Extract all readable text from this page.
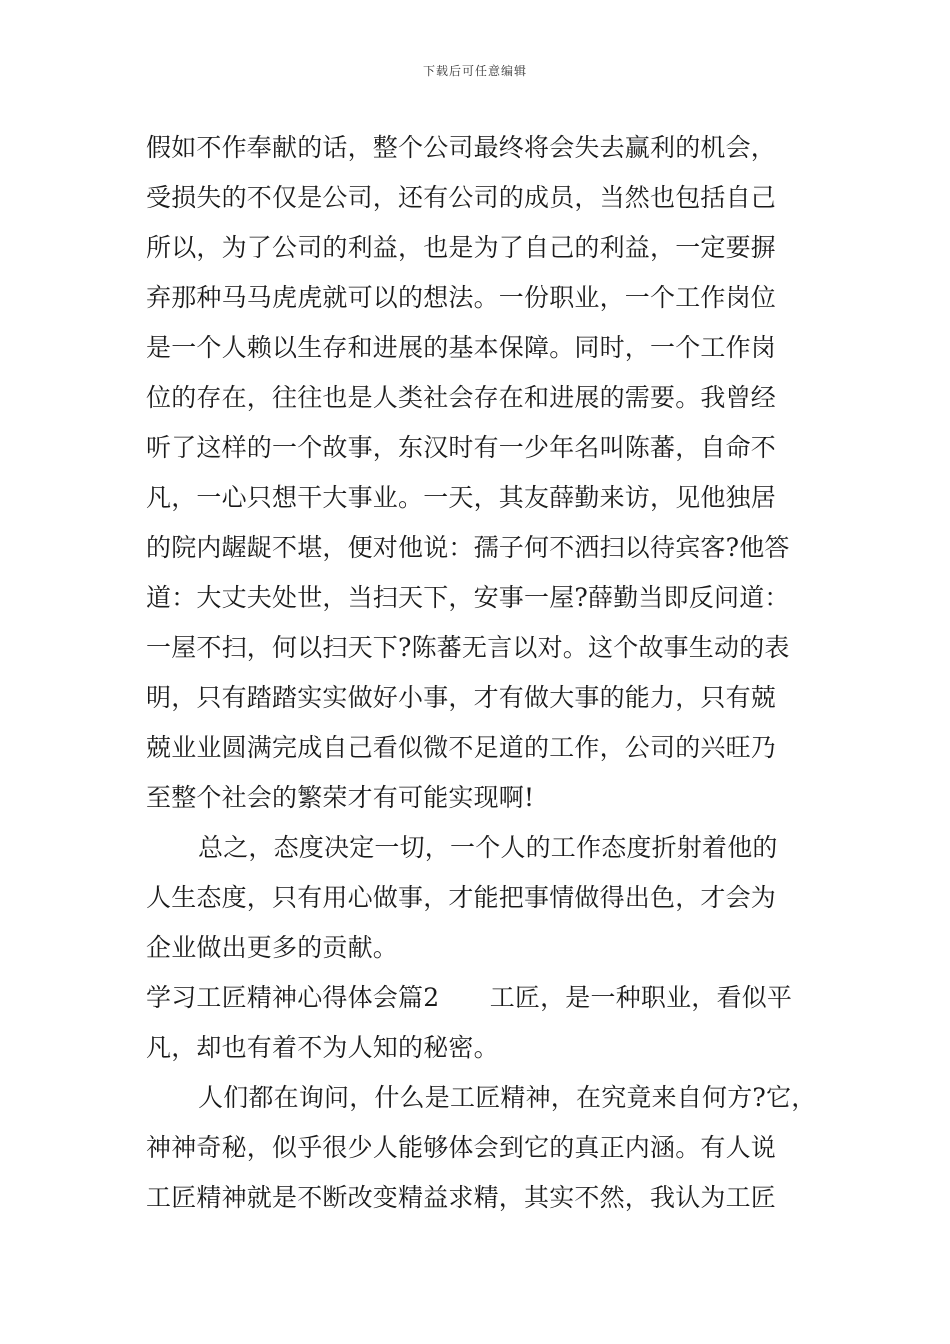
下载后可任意编辑
假如不作奉献的话，整个公司最终将会失去赢利的机会，
受损失的不仅是公司，还有公司的成员，当然也包括自己
所以，为了公司的利益，也是为了自己的利益，一定要摒
弃那种马马虎虎就可以的想法。一份职业，一个工作岗位
是一个人赖以生存和进展的基本保障。同时，一个工作岗
位的存在，往往也是人类社会存在和进展的需要。我曾经
听了这样的一个故事，东汉时有一少年名叫陈蕃，自命不
凡，一心只想干大事业。一天，其友薛勤来访，见他独居
的院内龌龊不堪，便对他说：孺子何不洒扫以待宾客?他答
道：大丈夫处世，当扫天下，安事一屋?薛勤当即反问道：
一屋不扫，何以扫天下?陈蕃无言以对。这个故事生动的表
明，只有踏踏实实做好小事，才有做大事的能力，只有兢
兢业业圆满完成自己看似微不足道的工作，公司的兴旺乃
至整个社会的繁荣才有可能实现啊!
总之，态度决定一切，一个人的工作态度折射着他的
人生态度，只有用心做事，才能把事情做得出色，才会为
企业做出更多的贡献。
学习工匠精神心得体会篇2　　工匠，是一种职业，看似平
凡，却也有着不为人知的秘密。
人们都在询问，什么是工匠精神，在究竟来自何方?它，
神神奇秘，似乎很少人能够体会到它的真正内涵。有人说
工匠精神就是不断改变精益求精，其实不然，我认为工匠
